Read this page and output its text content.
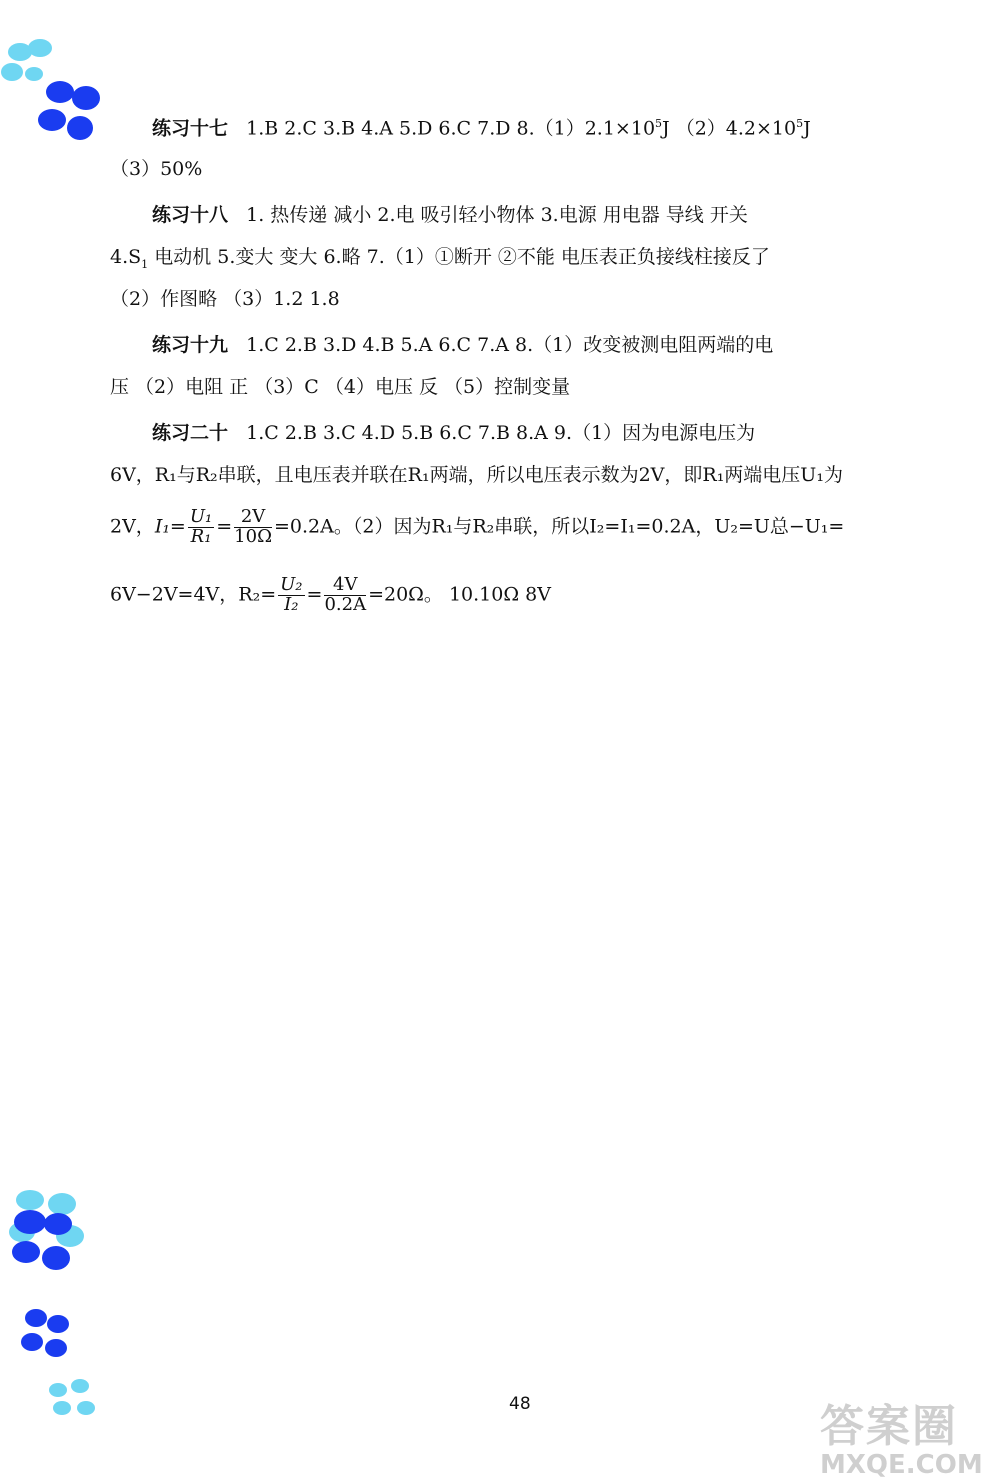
练习十七 1.B 2.C 3.B 4.A 5.D 6.C 7.D $8.(1)2.1\times 10^5J$ $(2)4.2\times 10^5J$
（3）50%
练习十八 1. 热传递 减小 2.电 吸引轻小物体 3.电源 用电器 导线 开关
$4.S_1$ 电动机 5.变大 变大 6.略 7.（1）①断开 ②不能 电压表正负接线柱接反了
（2）作图略 （3）1.2 1.8
练习十九 1.C 2.B 3.D 4.B 5.A 6.C 7.A 8.（1）改变被测电阻两端的电
压 （2）电阻 正 （3）C （4）电压 反 （5）控制变量
练习二十 1.C 2.B 3.C 4.D 5.B 6.C 7.B 8.A 9.（1）因为电源电压为
6V，R₁与R₂串联，且电压表并联在R₁两端，所以电压表示数为2V，即R₁两端电压U₁为
2V，$I_1= \frac{\text{U₁}}{\text{R₁}} = \frac{2V}{10\Omega} =0.2A$。（2）因为R₁与R₂串联，所以I₂=I₁=0.2A，U₂=U总−U₁=
6V−2V=4V，$R_2= \frac{\text{U₂}}{\text{I₂}} = \frac{4V}{0.2A} =20\Omega$。 10.10Ω 8V
48	答案圈
MXQE.COM
